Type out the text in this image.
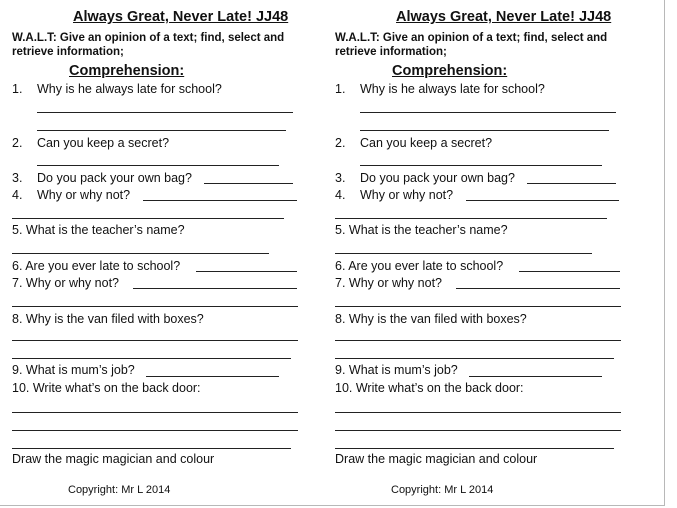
Always Great, Never Late! JJ48
W.A.L.T: Give an opinion of a text; find, select and
retrieve information;
Comprehension:
1. Why is he always late for school?
2. Can you keep a secret?
3. Do you pack your own bag?
4. Why or why not?
5. What is the teacher’s name?
6. Are you ever late to school?
7. Why or why not?
8. Why is the van filed with boxes?
9. What is mum’s job?
10. Write what’s on the back door:
Draw the magic magician and colour
Copyright: Mr L 2014
Always Great, Never Late! JJ48
W.A.L.T: Give an opinion of a text; find, select and
retrieve information;
Comprehension:
1. Why is he always late for school?
2. Can you keep a secret?
3. Do you pack your own bag?
4. Why or why not?
5. What is the teacher’s name?
6. Are you ever late to school?
7. Why or why not?
8. Why is the van filed with boxes?
9. What is mum’s job?
10. Write what’s on the back door:
Draw the magic magician and colour
Copyright: Mr L 2014
